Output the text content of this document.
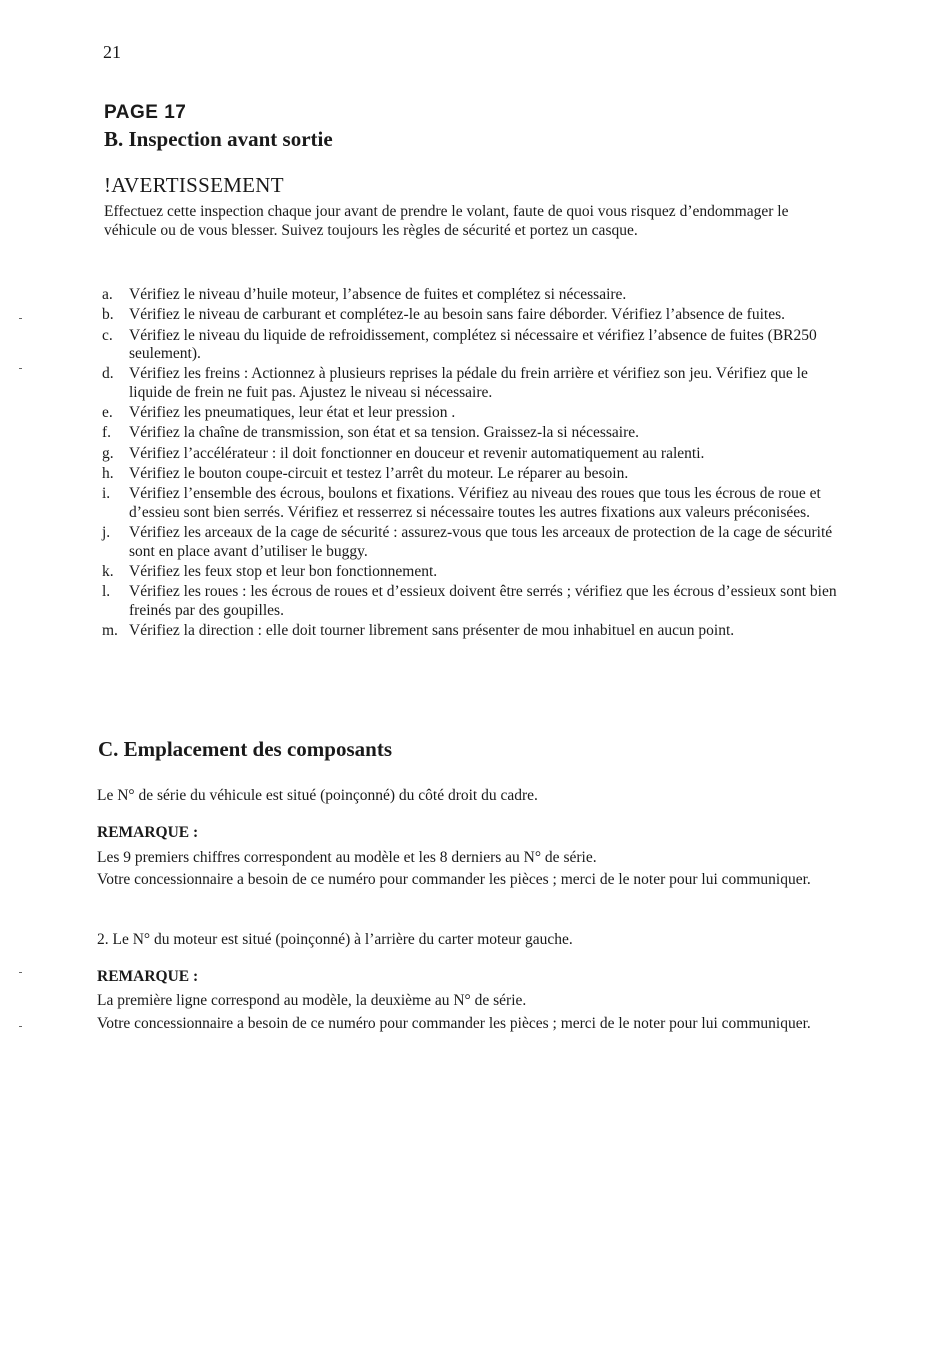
21
PAGE 17
B. Inspection avant sortie
!AVERTISSEMENT
Effectuez cette inspection chaque jour avant de prendre le volant, faute de quoi vous risquez d’endommager le véhicule ou de vous blesser. Suivez toujours les règles de sécurité et portez un casque.
a. Vérifiez le niveau d’huile moteur, l’absence de fuites et complétez si nécessaire.
b. Vérifiez le niveau de carburant et complétez-le au besoin sans faire déborder. Vérifiez l’absence de fuites.
c. Vérifiez le niveau du liquide de refroidissement, complétez si nécessaire et vérifiez l’absence de fuites (BR250 seulement).
d. Vérifiez les freins : Actionnez à plusieurs reprises la pédale du frein arrière et vérifiez son jeu. Vérifiez que le liquide de frein ne fuit pas. Ajustez le niveau si nécessaire.
e. Vérifiez les pneumatiques, leur état et leur pression .
f. Vérifiez la chaîne de transmission, son état et sa tension. Graissez-la si nécessaire.
g. Vérifiez l’accélérateur : il doit fonctionner en douceur et revenir automatiquement au ralenti.
h. Vérifiez le bouton coupe-circuit et testez l’arrêt du moteur. Le réparer au besoin.
i. Vérifiez l’ensemble des écrous, boulons et fixations. Vérifiez au niveau des roues que tous les écrous de roue et d’essieu sont bien serrés. Vérifiez et resserrez si nécessaire toutes les autres fixations aux valeurs préconisées.
j. Vérifiez les arceaux de la cage de sécurité : assurez-vous que tous les arceaux de protection de la cage de sécurité sont en place avant d’utiliser le buggy.
k. Vérifiez les feux stop et leur bon fonctionnement.
l. Vérifiez les roues : les écrous de roues et d’essieux doivent être serrés ; vérifiez que les écrous d’essieux sont bien freinés par des goupilles.
m. Vérifiez la direction : elle doit tourner librement sans présenter de mou inhabituel en aucun point.
C. Emplacement des composants
Le N° de série du véhicule est situé (poinçonné) du côté droit du cadre.
REMARQUE :
Les 9 premiers chiffres correspondent au modèle et les 8 derniers au N° de série.
Votre concessionnaire a besoin de ce numéro pour commander les pièces ; merci de le noter pour lui communiquer.
2. Le N° du moteur est situé (poinçonné) à l’arrière du carter moteur gauche.
REMARQUE :
La première ligne correspond au modèle, la deuxième au N° de série.
Votre concessionnaire a besoin de ce numéro pour commander les pièces ; merci de le noter pour lui communiquer.
